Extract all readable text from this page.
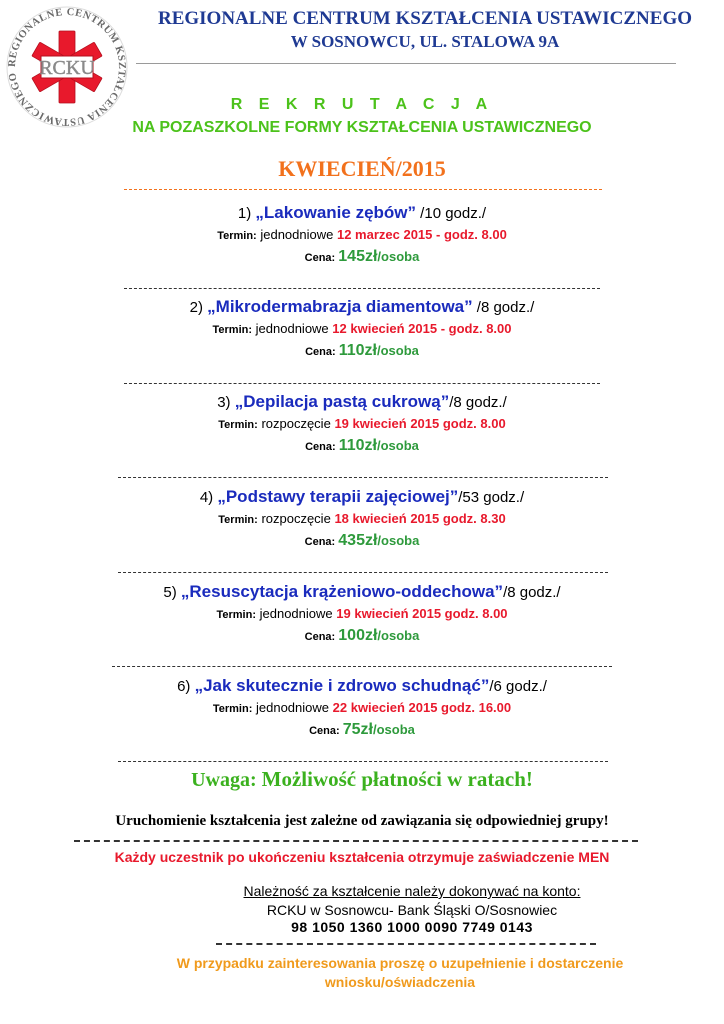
REGIONALNE CENTRUM KSZTAŁCENIA USTAWICZNEGO RCKU
REGIONALNE CENTRUM KSZTAŁCENIA USTAWICZNEGO
W SOSNOWCU, UL. STALOWA 9A
R E K R U T A C J A
NA POZASZKOLNE FORMY KSZTAŁCENIA USTAWICZNEGO
KWIECIEŃ/2015
1) „Lakowanie zębów” /10 godz./
Termin: jednodniowe 12 marzec 2015 - godz. 8.00
Cena: 145zł/osoba
2) „Mikrodermabrazja diamentowa” /8 godz./
Termin: jednodniowe 12 kwiecień 2015 - godz. 8.00
Cena: 110zł/osoba
3) „Depilacja pastą cukrową”/8 godz./
Termin: rozpoczęcie 19 kwiecień 2015 godz. 8.00
Cena: 110zł/osoba
4) „Podstawy terapii zajęciowej”/53 godz./
Termin: rozpoczęcie 18 kwiecień 2015 godz. 8.30
Cena: 435zł/osoba
5) „Resuscytacja krążeniowo-oddechowa”/8 godz./
Termin: jednodniowe 19 kwiecień 2015 godz. 8.00
Cena: 100zł/osoba
6) „Jak skutecznie i zdrowo schudnąć”/6 godz./
Termin: jednodniowe 22 kwiecień 2015 godz. 16.00
Cena: 75zł/osoba
Uwaga: Możliwość płatności w ratach!
Uruchomienie kształcenia jest zależne od zawiązania się odpowiedniej grupy!
Każdy uczestnik po ukończeniu kształcenia otrzymuje zaświadczenie MEN
Należność za kształcenie należy dokonywać na konto:
RCKU w Sosnowcu- Bank Śląski O/Sosnowiec
98 1050 1360 1000 0090 7749 0143
W przypadku zainteresowania proszę o uzupełnienie i dostarczenie wniosku/oświadczenia
